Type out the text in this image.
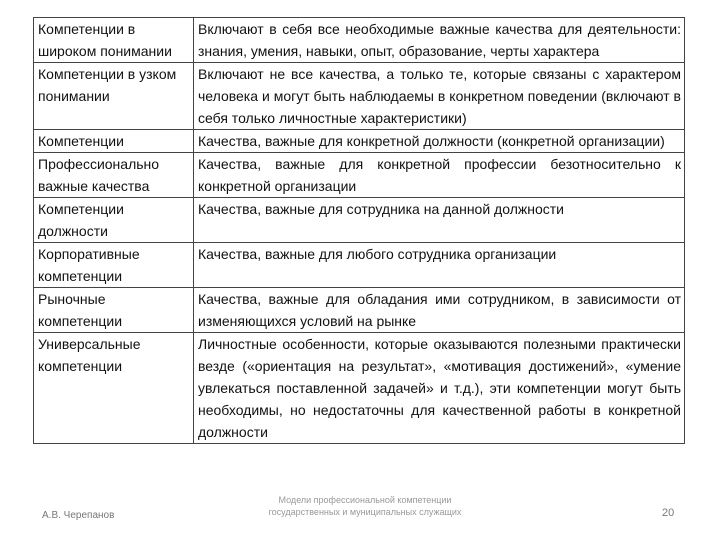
Компетенции в широком понимании	Включают в себя все необходимые важные качества для деятельности: знания, умения, навыки, опыт, образование, черты характера
Компетенции в узком понимании	Включают не все качества, а только те, которые связаны с характером человека и могут быть наблюдаемы в конкретном поведении (включают в себя только личностные характеристики)
Компетенции	Качества, важные для конкретной должности (конкретной организации)
Профессионально важные качества	Качества, важные для конкретной профессии безотносительно к конкретной организации
Компетенции должности	Качества, важные для сотрудника на данной должности
Корпоративные компетенции	Качества, важные для любого сотрудника организации
Рыночные компетенции	Качества, важные для обладания ими сотрудником, в зависимости от изменяющихся условий на рынке
Универсальные компетенции	Личностные особенности, которые оказываются полезными практически везде («ориентация на результат», «мотивация достижений», «умение увлекаться поставленной задачей» и т.д.), эти компетенции могут быть необходимы, но недостаточны для качественной работы в конкретной должности
А.В. Черепанов
Модели профессиональной компетенции государственных и муниципальных служащих	20
